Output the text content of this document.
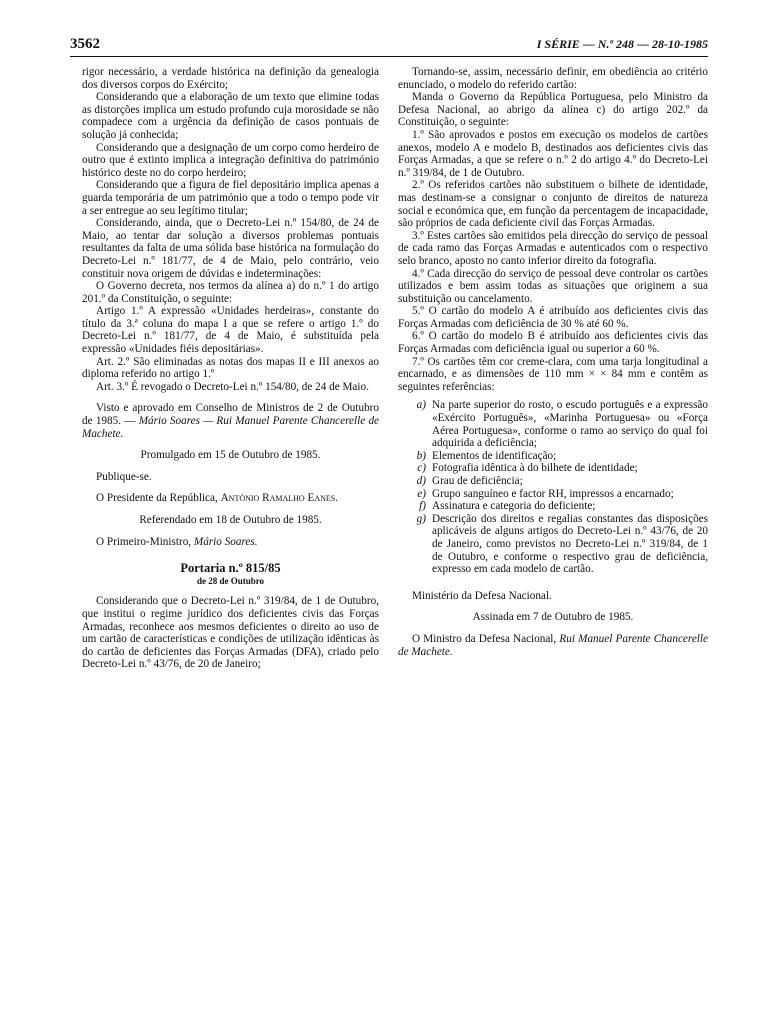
3562	I SÉRIE — N.º 248 — 28-10-1985

rigor necessário, a verdade histórica na definição da genealogia dos diversos corpos do Exército;

Considerando que a elaboração de um texto que elimine todas as distorções implica um estudo profundo cuja morosidade se não compadece com a urgência da definição de casos pontuais de solução já conhecida;

Considerando que a designação de um corpo como herdeiro de outro que é extinto implica a integração definitiva do património histórico deste no do corpo herdeiro;

Considerando que a figura de fiel depositário implica apenas a guarda temporária de um património que a todo o tempo pode vir a ser entregue ao seu legítimo titular;

Considerando, ainda, que o Decreto-Lei n.º 154/80, de 24 de Maio, ao tentar dar solução a diversos problemas pontuais resultantes da falta de uma sólida base histórica na formulação do Decreto-Lei n.º 181/77, de 4 de Maio, pelo contrário, veio constituir nova origem de dúvidas e indeterminações:

O Governo decreta, nos termos da alínea a) do n.º 1 do artigo 201.º da Constituição, o seguinte:

Artigo 1.º A expressão «Unidades herdeiras», constante do título da 3.ª coluna do mapa I a que se refere o artigo 1.º do Decreto-Lei n.º 181/77, de 4 de Maio, é substituída pela expressão «Unidades fiéis depositárias».

Art. 2.º São eliminadas as notas dos mapas II e III anexos ao diploma referido no artigo 1.º

Art. 3.º É revogado o Decreto-Lei n.º 154/80, de 24 de Maio.

Visto e aprovado em Conselho de Ministros de 2 de Outubro de 1985. — Mário Soares — Rui Manuel Parente Chancerelle de Machete.

Promulgado em 15 de Outubro de 1985.

Publique-se.

O Presidente da República, António Ramalho Eanes.

Referendado em 18 de Outubro de 1985.

O Primeiro-Ministro, Mário Soares.

Portaria n.º 815/85

de 28 de Outubro

Considerando que o Decreto-Lei n.º 319/84, de 1 de Outubro, que institui o regime jurídico dos deficientes civis das Forças Armadas, reconhece aos mesmos deficientes o direito ao uso de um cartão de características e condições de utilização idênticas às do cartão de deficientes das Forças Armadas (DFA), criado pelo Decreto-Lei n.º 43/76, de 20 de Janeiro;

Tornando-se, assim, necessário definir, em obediência ao critério enunciado, o modelo do referido cartão:

Manda o Governo da República Portuguesa, pelo Ministro da Defesa Nacional, ao abrigo da alínea c) do artigo 202.º da Constituição, o seguinte:

1.º São aprovados e postos em execução os modelos de cartões anexos, modelo A e modelo B, destinados aos deficientes civis das Forças Armadas, a que se refere o n.º 2 do artigo 4.º do Decreto-Lei n.º 319/84, de 1 de Outubro.

2.º Os referidos cartões não substituem o bilhete de identidade, mas destinam-se a consignar o conjunto de direitos de natureza social e económica que, em função da percentagem de incapacidade, são próprios de cada deficiente civil das Forças Armadas.

3.º Estes cartões são emitidos pela direcção do serviço de pessoal de cada ramo das Forças Armadas e autenticados com o respectivo selo branco, aposto no canto inferior direito da fotografia.

4.º Cada direcção do serviço de pessoal deve controlar os cartões utilizados e bem assim todas as situações que originem a sua substituição ou cancelamento.

5.º O cartão do modelo A é atribuído aos deficientes civis das Forças Armadas com deficiência de 30 % até 60 %.

6.º O cartão do modelo B é atribuído aos deficientes civis das Forças Armadas com deficiência igual ou superior a 60 %.

7.º Os cartões têm cor creme-clara, com uma tarja longitudinal a encarnado, e as dimensões de 110 mm × × 84 mm e contêm as seguintes referências:

a) Na parte superior do rosto, o escudo português e a expressão «Exército Português», «Marinha Portuguesa» ou «Força Aérea Portuguesa», conforme o ramo ao serviço do qual foi adquirida a deficiência;
b) Elementos de identificação;
c) Fotografia idêntica à do bilhete de identidade;
d) Grau de deficiência;
e) Grupo sanguíneo e factor RH, impressos a encarnado;
f) Assinatura e categoria do deficiente;
g) Descrição dos direitos e regalias constantes das disposições aplicáveis de alguns artigos do Decreto-Lei n.º 43/76, de 20 de Janeiro, como previstos no Decreto-Lei n.º 319/84, de 1 de Outubro, e conforme o respectivo grau de deficiência, expresso em cada modelo de cartão.

Ministério da Defesa Nacional.

Assinada em 7 de Outubro de 1985.

O Ministro da Defesa Nacional, Rui Manuel Parente Chancerelle de Machete.
